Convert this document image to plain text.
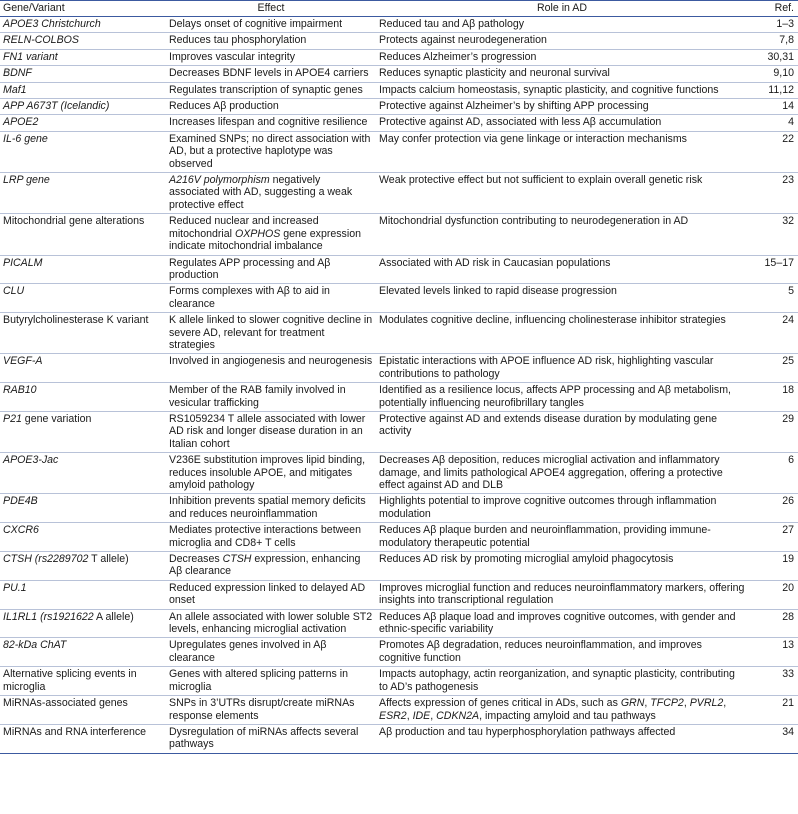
Gene/Variant	Effect	Role in AD	Ref.
APOE3 Christchurch	Delays onset of cognitive impairment	Reduced tau and Aβ pathology	1–3
RELN-COLBOS	Reduces tau phosphorylation	Protects against neurodegeneration	7,8
FN1 variant	Improves vascular integrity	Reduces Alzheimer’s progression	30,31
BDNF	Decreases BDNF levels in APOE4 carriers	Reduces synaptic plasticity and neuronal survival	9,10
Maf1	Regulates transcription of synaptic genes	Impacts calcium homeostasis, synaptic plasticity, and cognitive functions	11,12
APP A673T (Icelandic)	Reduces Aβ production	Protective against Alzheimer’s by shifting APP processing	14
APOE2	Increases lifespan and cognitive resilience	Protective against AD, associated with less Aβ accumulation	4
IL-6 gene	Examined SNPs; no direct association with AD, but a protective haplotype was observed	May confer protection via gene linkage or interaction mechanisms	22
LRP gene	A216V polymorphism negatively associated with AD, suggesting a weak protective effect	Weak protective effect but not sufficient to explain overall genetic risk	23
Mitochondrial gene alterations	Reduced nuclear and increased mitochondrial OXPHOS gene expression indicate mitochondrial imbalance	Mitochondrial dysfunction contributing to neurodegeneration in AD	32
PICALM	Regulates APP processing and Aβ production	Associated with AD risk in Caucasian populations	15–17
CLU	Forms complexes with Aβ to aid in clearance	Elevated levels linked to rapid disease progression	5
Butyrylcholinesterase K variant	K allele linked to slower cognitive decline in severe AD, relevant for treatment strategies	Modulates cognitive decline, influencing cholinesterase inhibitor strategies	24
VEGF-A	Involved in angiogenesis and neurogenesis	Epistatic interactions with APOE influence AD risk, highlighting vascular contributions to pathology	25
RAB10	Member of the RAB family involved in vesicular trafficking	Identified as a resilience locus, affects APP processing and Aβ metabolism, potentially influencing neurofibrillary tangles	18
P21 gene variation	RS1059234 T allele associated with lower AD risk and longer disease duration in an Italian cohort	Protective against AD and extends disease duration by modulating gene activity	29
APOE3-Jac	V236E substitution improves lipid binding, reduces insoluble APOE, and mitigates amyloid pathology	Decreases Aβ deposition, reduces microglial activation and inflammatory damage, and limits pathological APOE4 aggregation, offering a protective effect against AD and DLB	6
PDE4B	Inhibition prevents spatial memory deficits and reduces neuroinflammation	Highlights potential to improve cognitive outcomes through inflammation modulation	26
CXCR6	Mediates protective interactions between microglia and CD8+ T cells	Reduces Aβ plaque burden and neuroinflammation, providing immune-modulatory therapeutic potential	27
CTSH (rs2289702 T allele)	Decreases CTSH expression, enhancing Aβ clearance	Reduces AD risk by promoting microglial amyloid phagocytosis	19
PU.1	Reduced expression linked to delayed AD onset	Improves microglial function and reduces neuroinflammatory markers, offering insights into transcriptional regulation	20
IL1RL1 (rs1921622 A allele)	An allele associated with lower soluble ST2 levels, enhancing microglial activation	Reduces Aβ plaque load and improves cognitive outcomes, with gender and ethnic-specific variability	28
82-kDa ChAT	Upregulates genes involved in Aβ clearance	Promotes Aβ degradation, reduces neuroinflammation, and improves cognitive function	13
Alternative splicing events in microglia	Genes with altered splicing patterns in microglia	Impacts autophagy, actin reorganization, and synaptic plasticity, contributing to AD’s pathogenesis	33
MiRNAs-associated genes	SNPs in 3’UTRs disrupt/create miRNAs response elements	Affects expression of genes critical in ADs, such as GRN, TFCP2, PVRL2, ESR2, IDE, CDKN2A, impacting amyloid and tau pathways	21
MiRNAs and RNA interference	Dysregulation of miRNAs affects several pathways	Aβ production and tau hyperphosphorylation pathways affected	34
